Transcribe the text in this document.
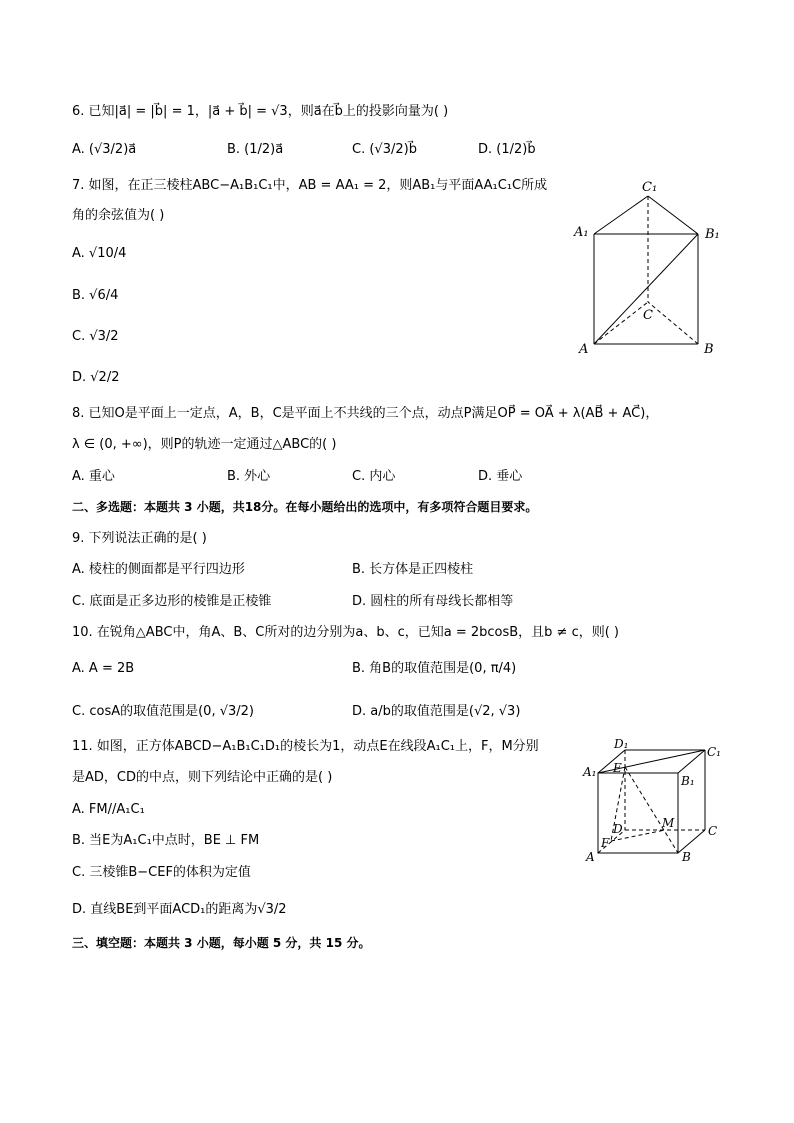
6. 已知|a⃗| = |b⃗| = 1，|a⃗ + b⃗| = √3，则a⃗在b⃗上的投影向量为( )
A. (√3/2)a⃗	B. (1/2)a⃗	C. (√3/2)b⃗	D. (1/2)b⃗
7. 如图，在正三棱柱ABC−A₁B₁C₁中，AB = AA₁ = 2，则AB₁与平面AA₁C₁C所成
角的余弦值为( )
A. √10/4
B. √6/4
C. √3/2
D. √2/2
C₁
A₁	B₁
C
A	B
8. 已知O是平面上一定点，A，B，C是平面上不共线的三个点，动点P满足OP⃗ = OA⃗ + λ(AB⃗ + AC⃗)，
λ ∈ (0, +∞)，则P的轨迹一定通过△ABC的( )
A. 重心	B. 外心	C. 内心	D. 垂心
二、多选题：本题共 3 小题，共18分。在每小题给出的选项中，有多项符合题目要求。
9. 下列说法正确的是( )
A. 棱柱的侧面都是平行四边形	B. 长方体是正四棱柱
C. 底面是正多边形的棱锥是正棱锥	D. 圆柱的所有母线长都相等
10. 在锐角△ABC中，角A、B、C所对的边分别为a、b、c，已知a = 2bcosB，且b ≠ c，则( )
A. A = 2B	B. 角B的取值范围是(0, π/4)
C. cosA的取值范围是(0, √3/2)	D. a/b的取值范围是(√2, √3)
11. 如图，正方体ABCD−A₁B₁C₁D₁的棱长为1，动点E在线段A₁C₁上，F，M分别
是AD，CD的中点，则下列结论中正确的是( )
A. FM//A₁C₁
B. 当E为A₁C₁中点时，BE ⊥ FM
C. 三棱锥B−CEF的体积为定值
D. 直线BE到平面ACD₁的距离为√3/2
D₁
C₁
A₁ E
B₁
D	M
C
F
A	B
三、填空题：本题共 3 小题，每小题 5 分，共 15 分。
